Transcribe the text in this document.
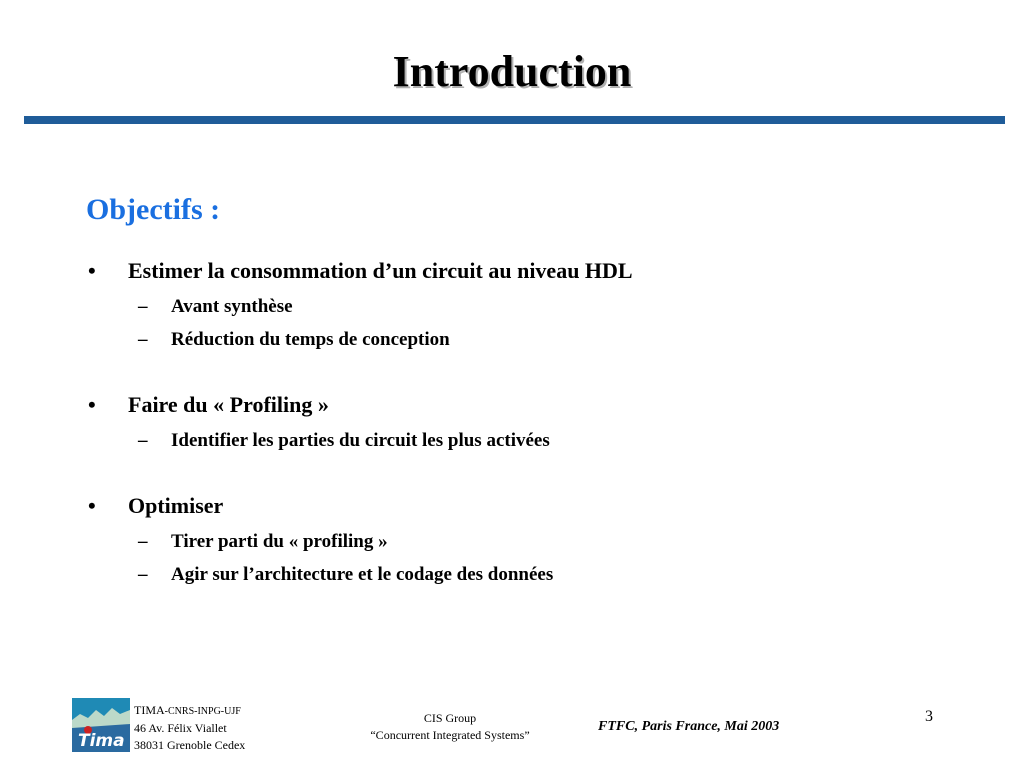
Introduction
Objectifs :
•	Estimer la consommation d’un circuit au niveau HDL
–	Avant synthèse
–	Réduction du temps de conception
•	Faire du « Profiling »
–	Identifier les parties du circuit les plus activées
•	Optimiser
–	Tirer parti du « profiling »
–	Agir sur l’architecture et le codage des données
Tima
TIMA-CNRS-INPG-UJF
46 Av. Félix Viallet
38031 Grenoble Cedex
CIS Group
“Concurrent Integrated Systems”
FTFC, Paris France, Mai 2003
3
